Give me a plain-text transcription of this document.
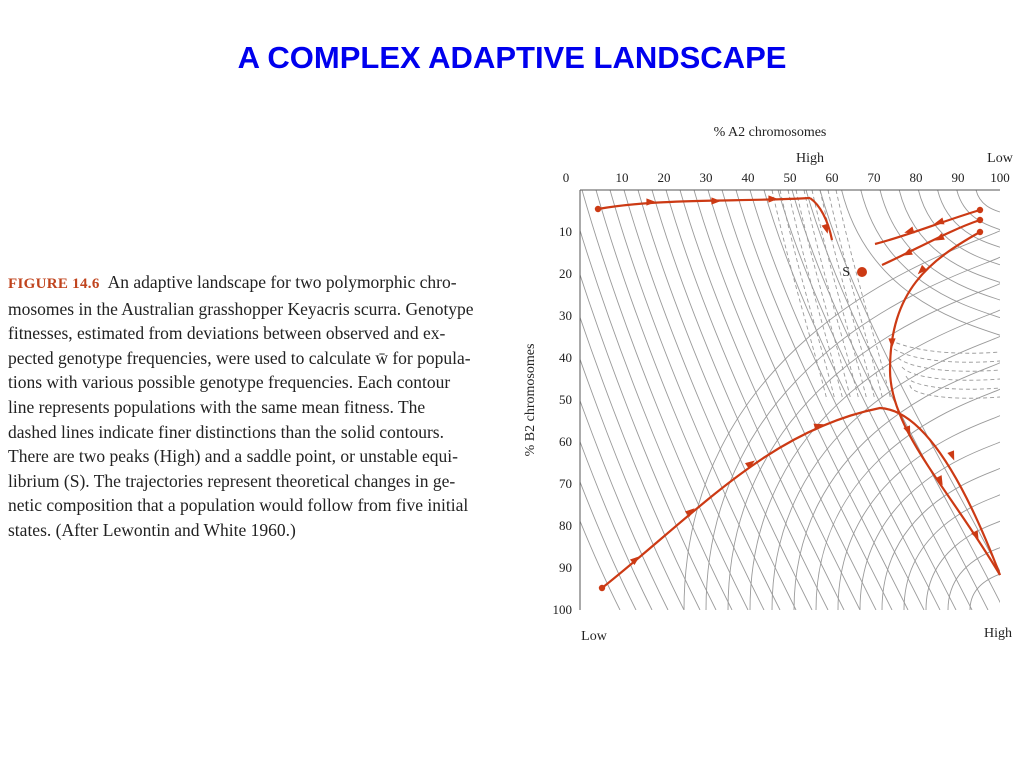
A COMPLEX ADAPTIVE LANDSCAPE
FIGURE 14.6 An adaptive landscape for two polymorphic chro-
mosomes in the Australian grasshopper Keyacris scurra. Genotype
fitnesses, estimated from deviations between observed and ex-
pected genotype frequencies, were used to calculate w̄ for popula-
tions with various possible genotype frequencies. Each contour
line represents populations with the same mean fitness. The
dashed lines indicate finer distinctions than the solid contours.
There are two peaks (High) and a saddle point, or unstable equi-
librium (S). The trajectories represent theoretical changes in ge-
netic composition that a population would follow from five initial
states. (After Lewontin and White 1960.)
% A2 chromosomes
High	Low
Low	High
% B2 chromosomes
0	10 20 30 40 50 60 70 80 90 100
10
20
30
40
50
60
70
80
90
100
S
